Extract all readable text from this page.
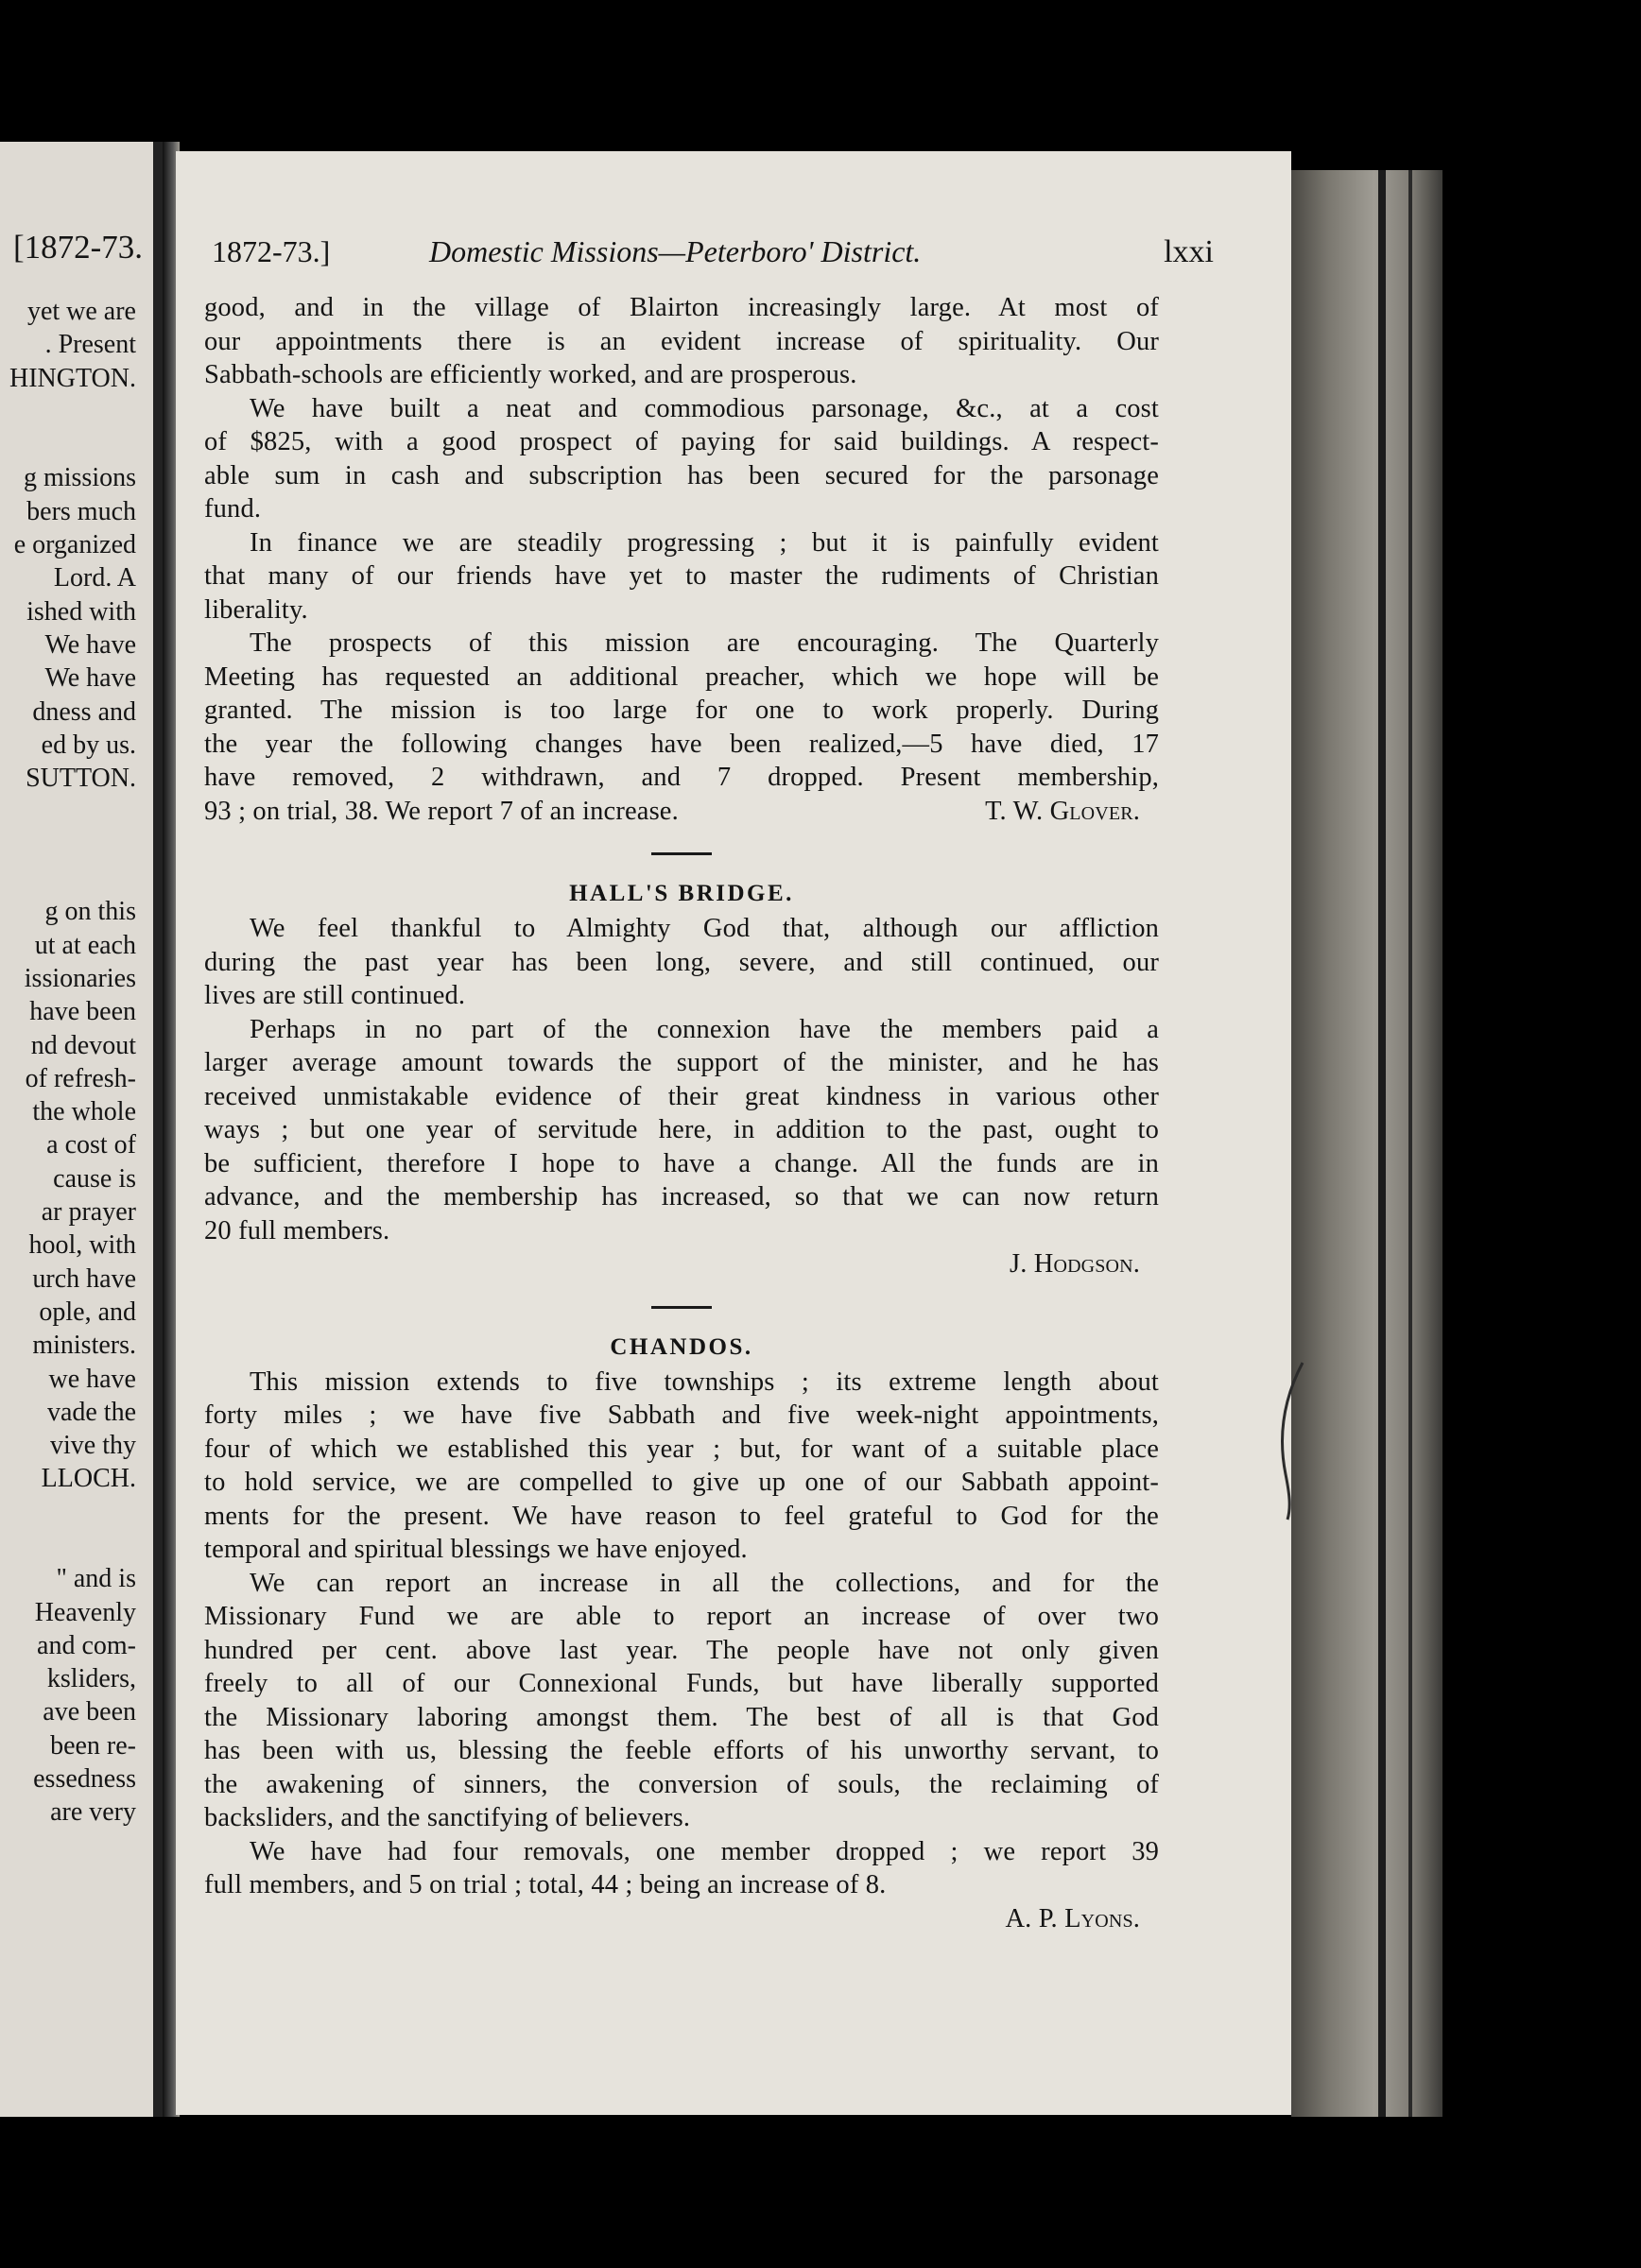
[1872-73.
yet we are
. Present
HINGTON.
g missions
bers much
e organized
Lord. A
ished with
We have
We have
dness and
ed by us.
SUTTON.
g on this
ut at each
issionaries
have been
nd devout
of refresh-
the whole
a cost of
cause is
ar prayer
hool, with
urch have
ople, and
ministers.
we have
vade the
vive thy
LLOCH.
" and is
Heavenly
and com-
ksliders,
ave been
been re-
essedness
are very
1872-73.]	Domestic Missions—Peterboro' District.	lxxi
good, and in the village of Blairton increasingly large. At most of
our appointments there is an evident increase of spirituality. Our
Sabbath-schools are efficiently worked, and are prosperous.
We have built a neat and commodious parsonage, &c., at a cost
of $825, with a good prospect of paying for said buildings. A respect-
able sum in cash and subscription has been secured for the parsonage
fund.
In finance we are steadily progressing ; but it is painfully evident
that many of our friends have yet to master the rudiments of Christian
liberality.
The prospects of this mission are encouraging. The Quarterly
Meeting has requested an additional preacher, which we hope will be
granted. The mission is too large for one to work properly. During
the year the following changes have been realized,—5 have died, 17
have removed, 2 withdrawn, and 7 dropped. Present membership,
93 ; on trial, 38. We report 7 of an increase.	T. W. Glover.
HALL'S BRIDGE.
We feel thankful to Almighty God that, although our affliction
during the past year has been long, severe, and still continued, our
lives are still continued.
Perhaps in no part of the connexion have the members paid a
larger average amount towards the support of the minister, and he has
received unmistakable evidence of their great kindness in various other
ways ; but one year of servitude here, in addition to the past, ought to
be sufficient, therefore I hope to have a change. All the funds are in
advance, and the membership has increased, so that we can now return
20 full members.
J. Hodgson.
CHANDOS.
This mission extends to five townships ; its extreme length about
forty miles ; we have five Sabbath and five week-night appointments,
four of which we established this year ; but, for want of a suitable place
to hold service, we are compelled to give up one of our Sabbath appoint-
ments for the present. We have reason to feel grateful to God for the
temporal and spiritual blessings we have enjoyed.
We can report an increase in all the collections, and for the
Missionary Fund we are able to report an increase of over two
hundred per cent. above last year. The people have not only given
freely to all of our Connexional Funds, but have liberally supported
the Missionary laboring amongst them. The best of all is that God
has been with us, blessing the feeble efforts of his unworthy servant, to
the awakening of sinners, the conversion of souls, the reclaiming of
backsliders, and the sanctifying of believers.
We have had four removals, one member dropped ; we report 39
full members, and 5 on trial ; total, 44 ; being an increase of 8.
A. P. Lyons.
